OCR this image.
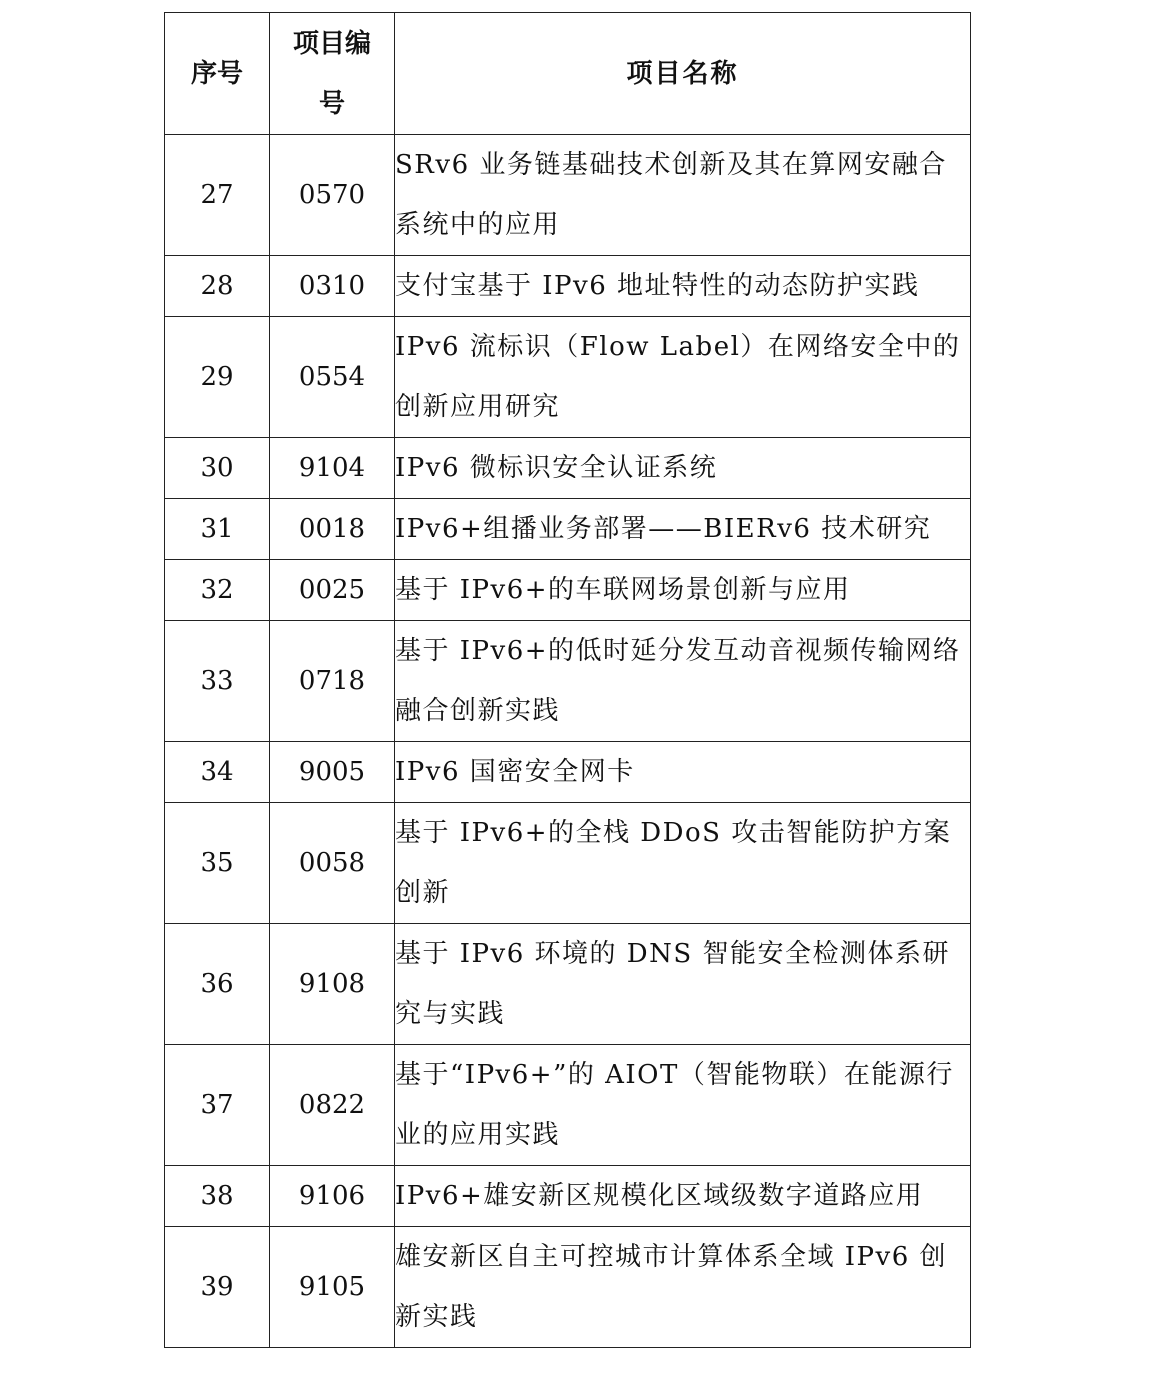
序号	项目编号	项目名称
27	0570	SRv6 业务链基础技术创新及其在算网安融合系统中的应用
28	0310	支付宝基于 IPv6 地址特性的动态防护实践
29	0554	IPv6 流标识（Flow Label）在网络安全中的创新应用研究
30	9104	IPv6 微标识安全认证系统
31	0018	IPv6+组播业务部署——BIERv6 技术研究
32	0025	基于 IPv6+的车联网场景创新与应用
33	0718	基于 IPv6+的低时延分发互动音视频传输网络融合创新实践
34	9005	IPv6 国密安全网卡
35	0058	基于 IPv6+的全栈 DDoS 攻击智能防护方案创新
36	9108	基于 IPv6 环境的 DNS 智能安全检测体系研究与实践
37	0822	基于“IPv6+”的 AIOT（智能物联）在能源行业的应用实践
38	9106	IPv6+雄安新区规模化区域级数字道路应用
39	9105	雄安新区自主可控城市计算体系全域 IPv6 创新实践
